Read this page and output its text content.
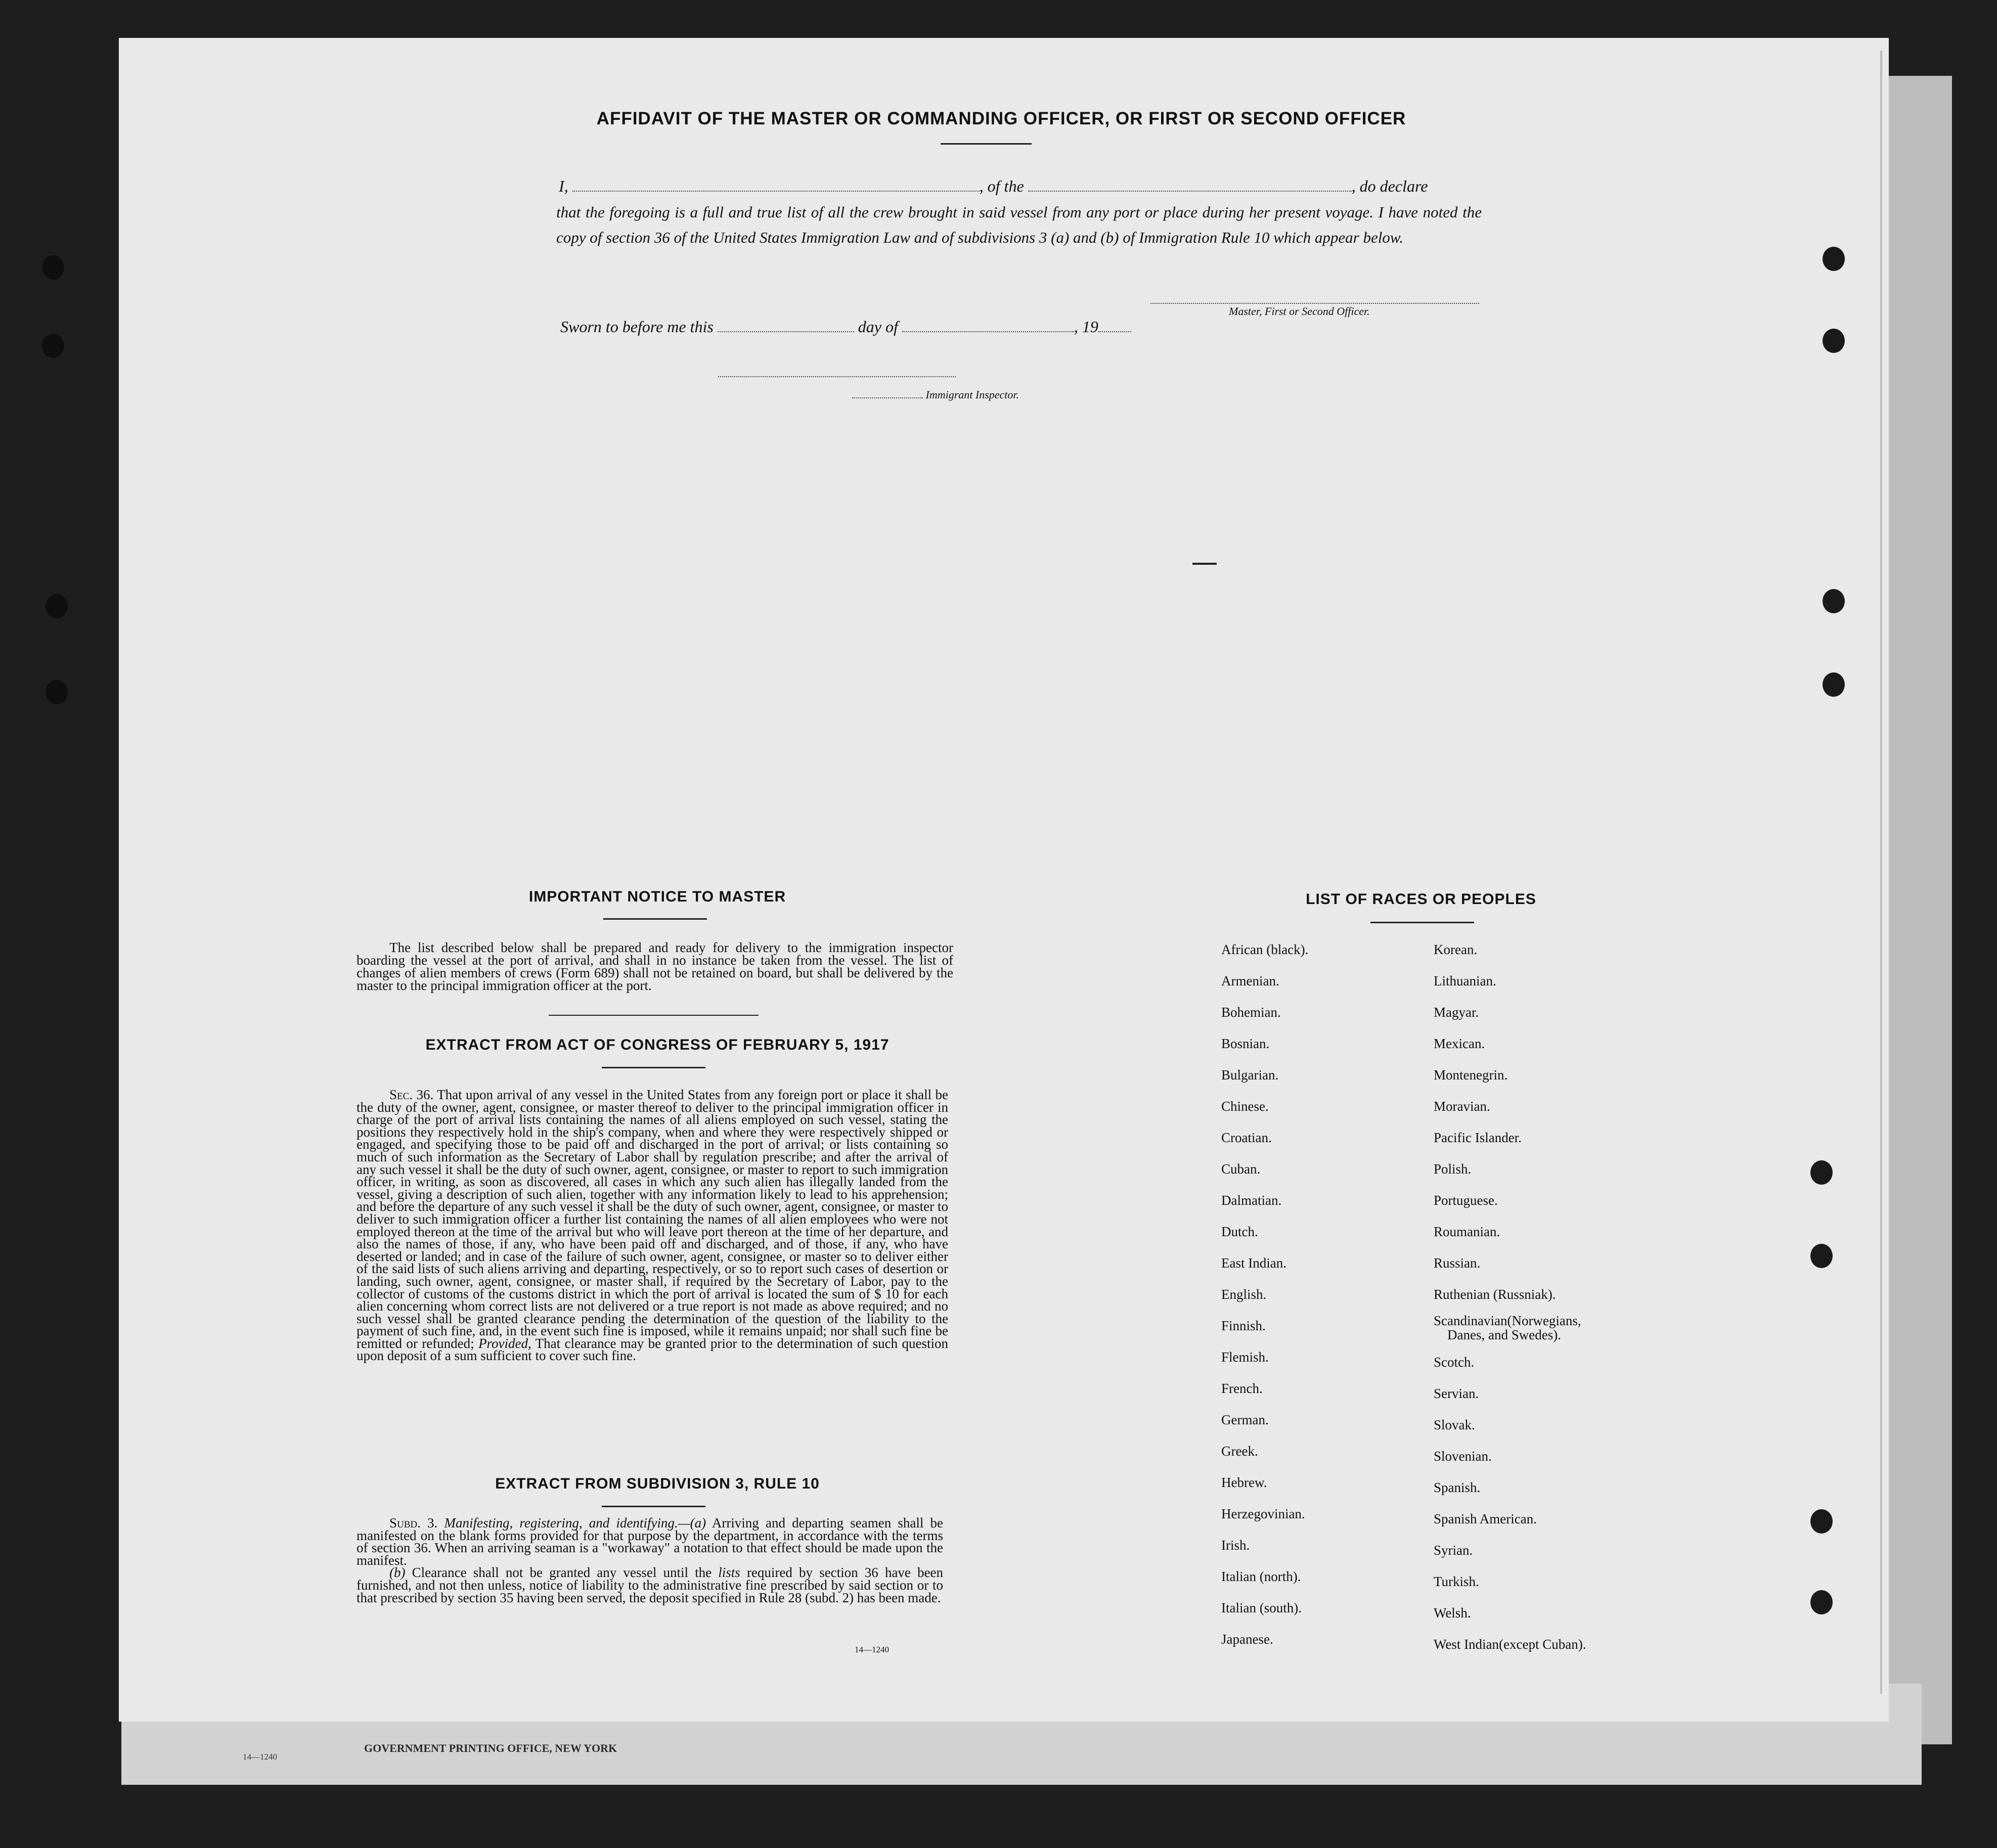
AFFIDAVIT OF THE MASTER OR COMMANDING OFFICER, OR FIRST OR SECOND OFFICER
I,	, of the	, do declare
that the foregoing is a full and true list of all the crew brought in said vessel from any port or place during her present voyage. I have noted the copy of section 36 of the United States Immigration Law and of subdivisions 3 (a) and (b) of Immigration Rule 10 which appear below.
Master, First or Second Officer.
Sworn to before me this	day of	, 19
Immigrant Inspector.
IMPORTANT NOTICE TO MASTER

The list described below shall be prepared and ready for delivery to the immigration inspector boarding the vessel at the port of arrival, and shall in no instance be taken from the vessel. The list of changes of alien members of crews (Form 689) shall not be retained on board, but shall be delivered by the master to the principal immigration officer at the port.

EXTRACT FROM ACT OF CONGRESS OF FEBRUARY 5, 1917

Sec. 36. That upon arrival of any vessel in the United States from any foreign port or place it shall be the duty of the owner, agent, consignee, or master thereof to deliver to the principal immigration officer in charge of the port of arrival lists containing the names of all aliens employed on such vessel, stating the positions they respectively hold in the ship's company, when and where they were respectively shipped or engaged, and specifying those to be paid off and discharged in the port of arrival; or lists containing so much of such information as the Secretary of Labor shall by regulation prescribe; and after the arrival of any such vessel it shall be the duty of such owner, agent, consignee, or master to report to such immigration officer, in writing, as soon as discovered, all cases in which any such alien has illegally landed from the vessel, giving a description of such alien, together with any information likely to lead to his apprehension; and before the departure of any such vessel it shall be the duty of such owner, agent, consignee, or master to deliver to such immigration officer a further list containing the names of all alien employees who were not employed thereon at the time of the arrival but who will leave port thereon at the time of her departure, and also the names of those, if any, who have been paid off and discharged, and of those, if any, who have deserted or landed; and in case of the failure of such owner, agent, consignee, or master so to deliver either of the said lists of such aliens arriving and departing, respectively, or so to report such cases of desertion or landing, such owner, agent, consignee, or master shall, if required by the Secretary of Labor, pay to the collector of customs of the customs district in which the port of arrival is located the sum of $ 10 for each alien concerning whom correct lists are not delivered or a true report is not made as above required; and no such vessel shall be granted clearance pending the determination of the question of the liability to the payment of such fine, and, in the event such fine is imposed, while it remains unpaid; nor shall such fine be remitted or refunded; Provided, That clearance may be granted prior to the determination of such question upon deposit of a sum sufficient to cover such fine.

EXTRACT FROM SUBDIVISION 3, RULE 10

Subd. 3. Manifesting, registering, and identifying.—(a) Arriving and departing seamen shall be manifested on the blank forms provided for that purpose by the department, in accordance with the terms of section 36. When an arriving seaman is a "workaway" a notation to that effect should be made upon the manifest.

(b) Clearance shall not be granted any vessel until the lists required by section 36 have been furnished, and not then unless, notice of liability to the administrative fine prescribed by said section or to that prescribed by section 35 having been served, the deposit specified in Rule 28 (subd. 2) has been made.

14—1240
LIST OF RACES OR PEOPLES
African (black).
Armenian.
Bohemian.
Bosnian.
Bulgarian.
Chinese.
Croatian.
Cuban.
Dalmatian.
Dutch.
East Indian.
English.
Finnish.
Flemish.
French.
German.
Greek.
Hebrew.
Herzegovinian.
Irish.
Italian (north).
Italian (south).
Japanese.
Korean.
Lithuanian.
Magyar.
Mexican.
Montenegrin.
Moravian.
Pacific Islander.
Polish.
Portuguese.
Roumanian.
Russian.
Ruthenian (Russniak).
Scandinavian(Norwegians,
Danes, and Swedes).
Scotch.
Servian.
Slovak.
Slovenian.
Spanish.
Spanish American.
Syrian.
Turkish.
Welsh.
West Indian(except Cuban).
14—1240
GOVERNMENT PRINTING OFFICE, NEW YORK
